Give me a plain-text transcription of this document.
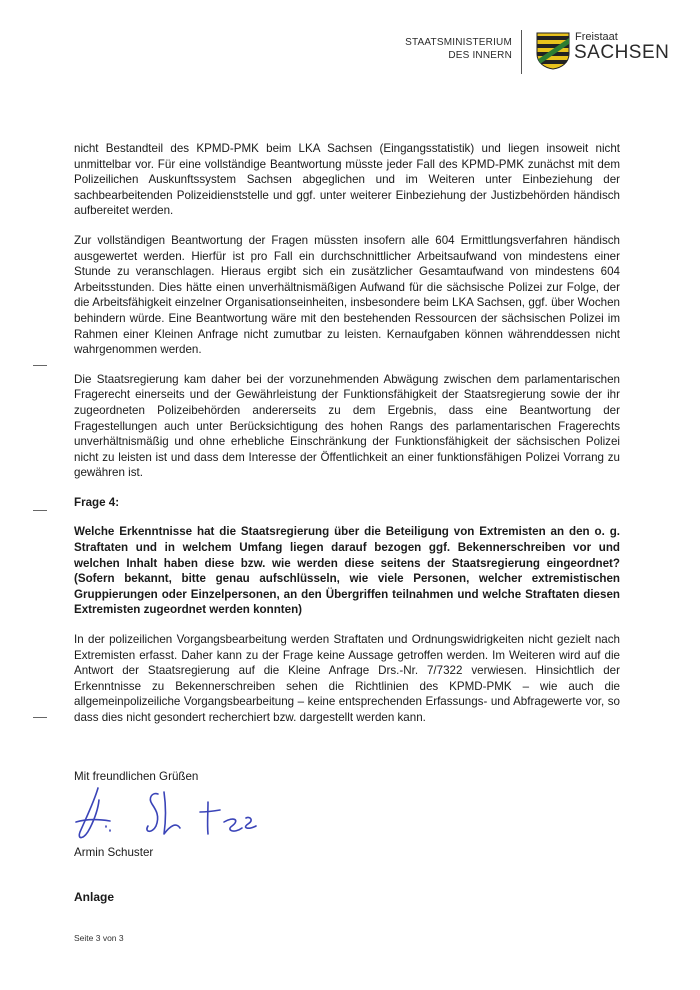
STAATSMINISTERIUM
DES INNERN
Freistaat
SACHSEN

nicht Bestandteil des KPMD-PMK beim LKA Sachsen (Eingangsstatistik) und liegen insoweit nicht unmittelbar vor. Für eine vollständige Beantwortung müsste jeder Fall des KPMD-PMK zunächst mit dem Polizeilichen Auskunftssystem Sachsen abgeglichen und im Weiteren unter Einbeziehung der sachbearbeitenden Polizeidienststelle und ggf. unter weiterer Einbeziehung der Justizbehörden händisch aufbereitet werden.

Zur vollständigen Beantwortung der Fragen müssten insofern alle 604 Ermittlungsverfahren händisch ausgewertet werden. Hierfür ist pro Fall ein durchschnittlicher Arbeitsaufwand von mindestens einer Stunde zu veranschlagen. Hieraus ergibt sich ein zusätzlicher Gesamtaufwand von mindestens 604 Arbeitsstunden. Dies hätte einen unverhältnismäßigen Aufwand für die sächsische Polizei zur Folge, der die Arbeitsfähigkeit einzelner Organisationseinheiten, insbesondere beim LKA Sachsen, ggf. über Wochen behindern würde. Eine Beantwortung wäre mit den bestehenden Ressourcen der sächsischen Polizei im Rahmen einer Kleinen Anfrage nicht zumutbar zu leisten. Kernaufgaben können währenddessen nicht wahrgenommen werden.

Die Staatsregierung kam daher bei der vorzunehmenden Abwägung zwischen dem parlamentarischen Fragerecht einerseits und der Gewährleistung der Funktionsfähigkeit der Staatsregierung sowie der ihr zugeordneten Polizeibehörden andererseits zu dem Ergebnis, dass eine Beantwortung der Fragestellungen auch unter Berücksichtigung des hohen Rangs des parlamentarischen Fragerechts unverhältnismäßig und ohne erhebliche Einschränkung der Funktionsfähigkeit der sächsischen Polizei nicht zu leisten ist und dass dem Interesse der Öffentlichkeit an einer funktionsfähigen Polizei Vorrang zu gewähren ist.

Frage 4:

Welche Erkenntnisse hat die Staatsregierung über die Beteiligung von Extremisten an den o. g. Straftaten und in welchem Umfang liegen darauf bezogen ggf. Bekennerschreiben vor und welchen Inhalt haben diese bzw. wie werden diese seitens der Staatsregierung eingeordnet? (Sofern bekannt, bitte genau aufschlüsseln, wie viele Personen, welcher extremistischen Gruppierungen oder Einzelpersonen, an den Übergriffen teilnahmen und welche Straftaten diesen Extremisten zugeordnet werden konnten)

In der polizeilichen Vorgangsbearbeitung werden Straftaten und Ordnungswidrigkeiten nicht gezielt nach Extremisten erfasst. Daher kann zu der Frage keine Aussage getroffen werden. Im Weiteren wird auf die Antwort der Staatsregierung auf die Kleine Anfrage Drs.-Nr. 7/7322 verwiesen. Hinsichtlich der Erkenntnisse zu Bekennerschreiben sehen die Richtlinien des KPMD-PMK – wie auch die allgemeinpolizeiliche Vorgangsbearbeitung – keine entsprechenden Erfassungs- und Abfragewerte vor, so dass dies nicht gesondert recherchiert bzw. dargestellt werden kann.

Mit freundlichen Grüßen
Armin Schuster
Anlage
Seite 3 von 3
